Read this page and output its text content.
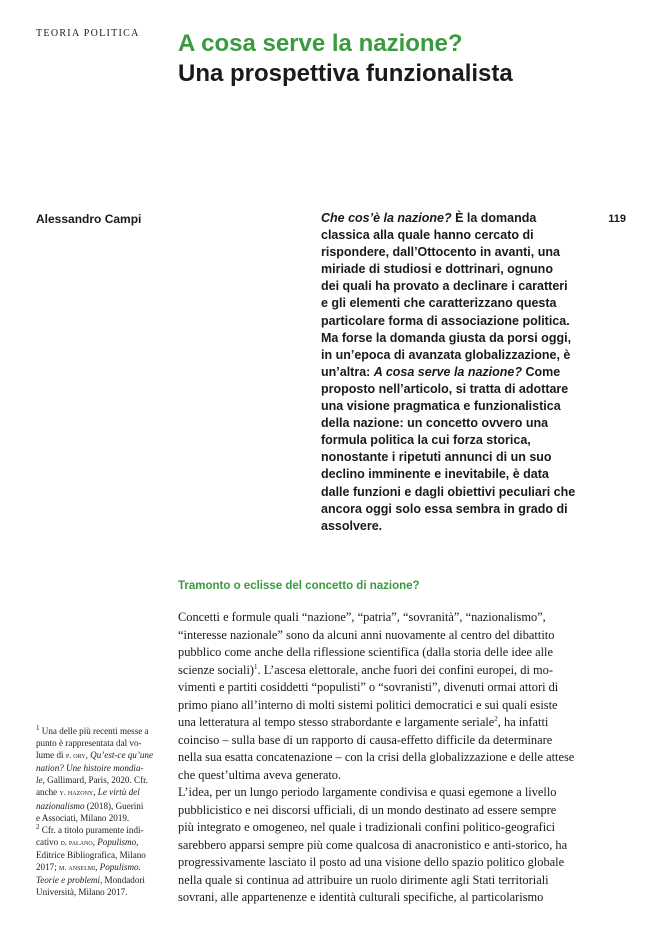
TEORIA POLITICA A cosa serve la nazione?
Una prospettiva funzionalista
Alessandro Campi	119
Che cos’è la nazione? È la domanda
classica alla quale hanno cercato di
rispondere, dall’Ottocento in avanti, una
miriade di studiosi e dottrinari, ognuno
dei quali ha provato a declinare i caratteri
e gli elementi che caratterizzano questa
particolare forma di associazione politica.
Ma forse la domanda giusta da porsi oggi,
in un’epoca di avanzata globalizzazione, è
un’altra: A cosa serve la nazione? Come
proposto nell’articolo, si tratta di adottare
una visione pragmatica e funzionalistica
della nazione: un concetto ovvero una
formula politica la cui forza storica,
nonostante i ripetuti annunci di un suo
declino imminente e inevitabile, è data
dalle funzioni e dagli obiettivi peculiari che
ancora oggi solo essa sembra in grado di
assolvere.
Tramonto o eclisse del concetto di nazione?
Concetti e formule quali “nazione”, “patria”, “sovranità”, “nazionalismo”,
“interesse nazionale” sono da alcuni anni nuovamente al centro del dibattito
pubblico come anche della riflessione scientifica (dalla storia delle idee alle
scienze sociali)$^1$. L’ascesa elettorale, anche fuori dei confini europei, di mo-
vimenti e partiti cosiddetti “populisti” o “sovranisti”, divenuti ormai attori di
primo piano all’interno di molti sistemi politici democratici e sui quali esiste
una letteratura al tempo stesso strabordante e largamente seriale$^2$, ha infatti
coinciso – sulla base di un rapporto di causa-effetto difficile da determinare
nella sua esatta concatenazione – con la crisi della globalizzazione e delle attese
che quest’ultima aveva generato.
L’idea, per un lungo periodo largamente condivisa e quasi egemone a livello
pubblicistico e nei discorsi ufficiali, di un mondo destinato ad essere sempre
più integrato e omogeneo, nel quale i tradizionali confini politico-geografici
sarebbero apparsi sempre più come qualcosa di anacronistico e anti-storico, ha
progressivamente lasciato il posto ad una visione dello spazio politico globale
nella quale si continua ad attribuire un ruolo dirimente agli Stati territoriali
sovrani, alle appartenenze e identità culturali specifiche, al particolarismo
$^1$ Una delle più recenti messe a
punto è rappresentata dal vo-
lume di p. ory, Qu’est-ce qu’une
nation? Une histoire mondia-
le, Gallimard, Paris, 2020. Cfr.
anche y. hazony, Le virtù del
nazionalismo (2018), Guerini
e Associati, Milano 2019.
$^2$ Cfr. a titolo puramente indi-
cativo d. palano, Populismo,
Editrice Bibliografica, Milano
2017; m. anselmi, Populismo.
Teorie e problemi, Mondadori
Università, Milano 2017.
